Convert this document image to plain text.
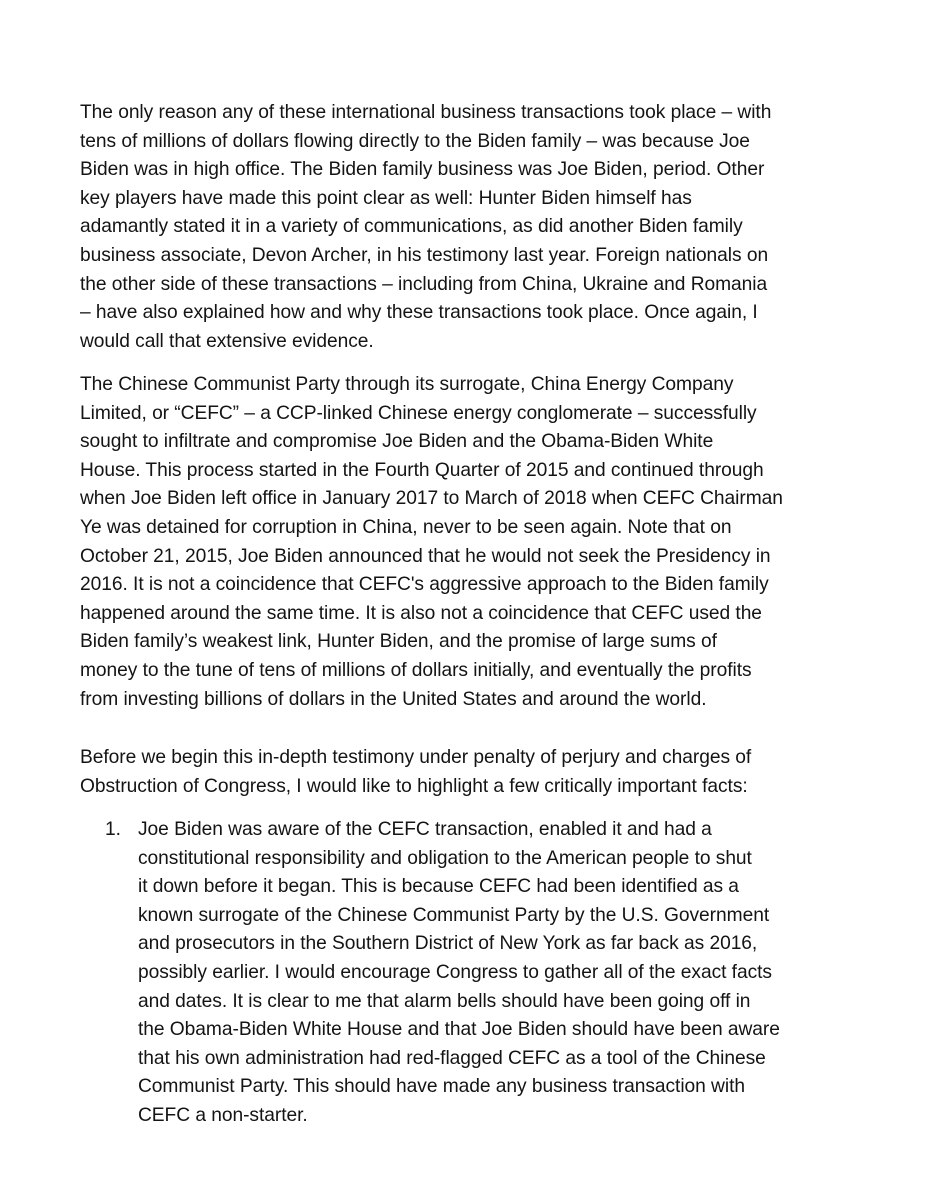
The only reason any of these international business transactions took place – with
tens of millions of dollars flowing directly to the Biden family – was because Joe
Biden was in high office. The Biden family business was Joe Biden, period. Other
key players have made this point clear as well: Hunter Biden himself has
adamantly stated it in a variety of communications, as did another Biden family
business associate, Devon Archer, in his testimony last year. Foreign nationals on
the other side of these transactions – including from China, Ukraine and Romania
– have also explained how and why these transactions took place. Once again, I
would call that extensive evidence.
The Chinese Communist Party through its surrogate, China Energy Company
Limited, or “CEFC” – a CCP-linked Chinese energy conglomerate – successfully
sought to infiltrate and compromise Joe Biden and the Obama-Biden White
House. This process started in the Fourth Quarter of 2015 and continued through
when Joe Biden left office in January 2017 to March of 2018 when CEFC Chairman
Ye was detained for corruption in China, never to be seen again. Note that on
October 21, 2015, Joe Biden announced that he would not seek the Presidency in
2016. It is not a coincidence that CEFC's aggressive approach to the Biden family
happened around the same time. It is also not a coincidence that CEFC used the
Biden family’s weakest link, Hunter Biden, and the promise of large sums of
money to the tune of tens of millions of dollars initially, and eventually the profits
from investing billions of dollars in the United States and around the world.
Before we begin this in-depth testimony under penalty of perjury and charges of
Obstruction of Congress, I would like to highlight a few critically important facts:
1. Joe Biden was aware of the CEFC transaction, enabled it and had a
constitutional responsibility and obligation to the American people to shut
it down before it began. This is because CEFC had been identified as a
known surrogate of the Chinese Communist Party by the U.S. Government
and prosecutors in the Southern District of New York as far back as 2016,
possibly earlier. I would encourage Congress to gather all of the exact facts
and dates. It is clear to me that alarm bells should have been going off in
the Obama-Biden White House and that Joe Biden should have been aware
that his own administration had red-flagged CEFC as a tool of the Chinese
Communist Party. This should have made any business transaction with
CEFC a non-starter.
